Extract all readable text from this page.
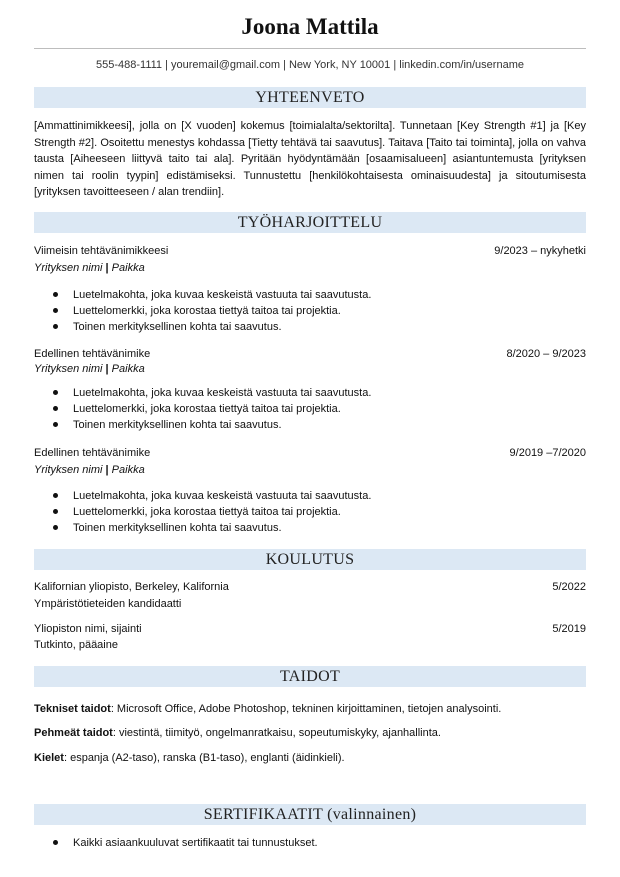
Joona Mattila
555-488-1111 | youremail@gmail.com | New York, NY 10001 | linkedin.com/in/username
YHTEENVETO

[Ammattinimikkeesi], jolla on [X vuoden] kokemus [toimialalta/sektorilta]. Tunnetaan [Key Strength #1] ja [Key Strength #2]. Osoitettu menestys kohdassa [Tietty tehtävä tai saavutus]. Taitava [Taito tai toiminta], jolla on vahva tausta [Aiheeseen liittyvä taito tai ala]. Pyritään hyödyntämään [osaamisalueen] asiantuntemusta [yrityksen nimen tai roolin tyypin] edistämiseksi. Tunnustettu [henkilökohtaisesta ominaisuudesta] ja sitoutumisesta [yrityksen tavoitteeseen / alan trendiin].

TYÖHARJOITTELU
Viimeisin tehtävänimikkeesi	9/2023 – nykyhetki
Yrityksen nimi | Paikka
Luetelmakohta, joka kuvaa keskeistä vastuuta tai saavutusta.
Luettelomerkki, joka korostaa tiettyä taitoa tai projektia.
Toinen merkityksellinen kohta tai saavutus.
Edellinen tehtävänimike	8/2020 – 9/2023
Yrityksen nimi | Paikka
Luetelmakohta, joka kuvaa keskeistä vastuuta tai saavutusta.
Luettelomerkki, joka korostaa tiettyä taitoa tai projektia.
Toinen merkityksellinen kohta tai saavutus.
Edellinen tehtävänimike	9/2019 –7/2020
Yrityksen nimi | Paikka
Luetelmakohta, joka kuvaa keskeistä vastuuta tai saavutusta.
Luettelomerkki, joka korostaa tiettyä taitoa tai projektia.
Toinen merkityksellinen kohta tai saavutus.
KOULUTUS
Kalifornian yliopisto, Berkeley, Kalifornia	5/2022
Ympäristötieteiden kandidaatti
Yliopiston nimi, sijainti	5/2019
Tutkinto, pääaine
TAIDOT
Tekniset taidot: Microsoft Office, Adobe Photoshop, tekninen kirjoittaminen, tietojen analysointi.
Pehmeät taidot: viestintä, tiimityö, ongelmanratkaisu, sopeutumiskyky, ajanhallinta.
Kielet: espanja (A2-taso), ranska (B1-taso), englanti (äidinkieli).
SERTIFIKAATIT (valinnainen)
Kaikki asiaankuuluvat sertifikaatit tai tunnustukset.
